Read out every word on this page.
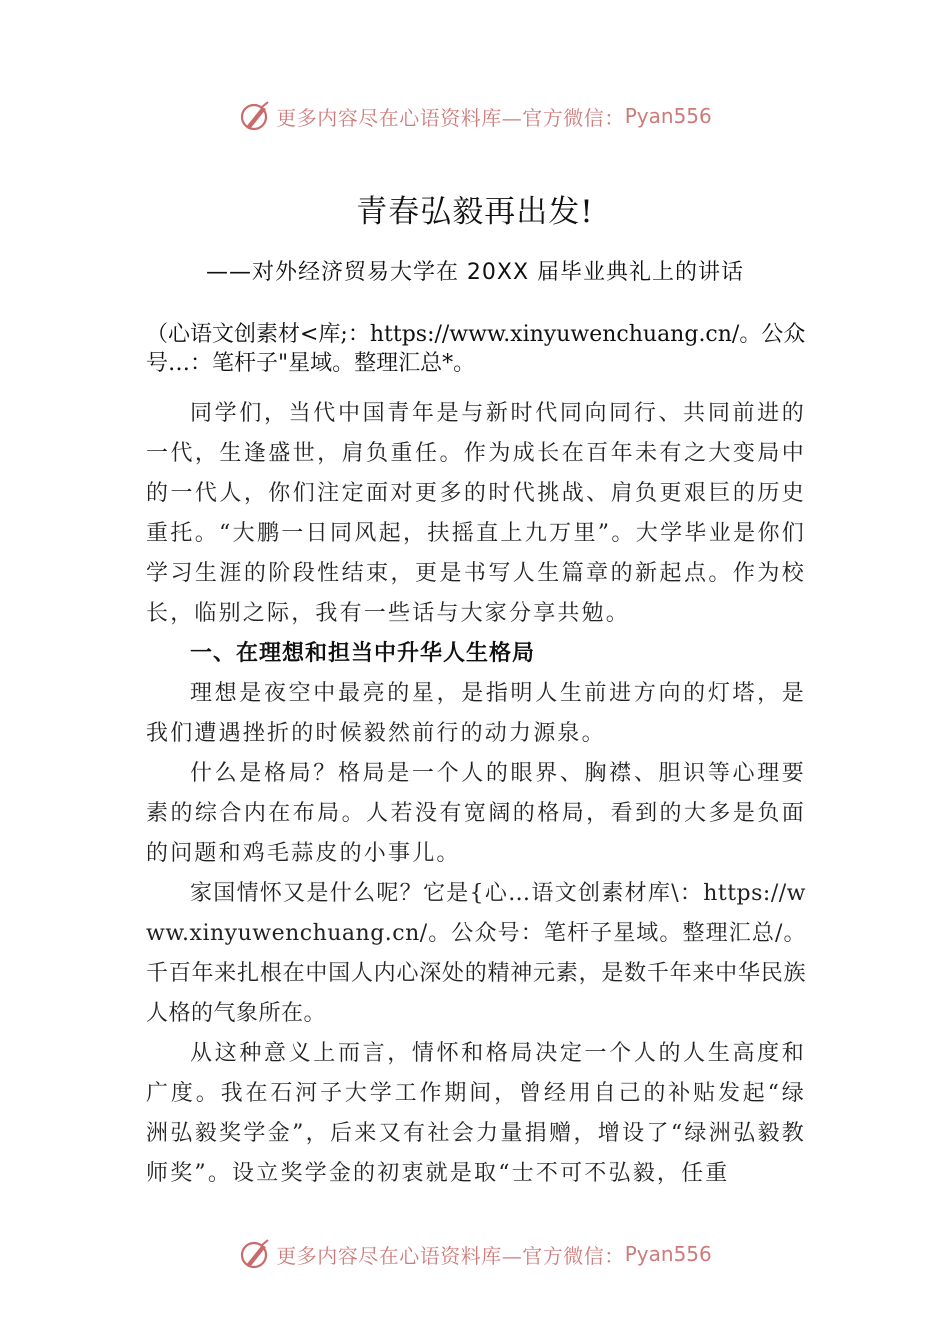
更多内容尽在心语资料库—官方微信： Pyan556
青春弘毅再出发!
——对外经济贸易大学在 20XX 届毕业典礼上的讲话

（心语文创素材<库;：https://www.xinyuwenchuang.cn/。公众号…：笔杆子"星域。整理汇总*。

同学们，当代中国青年是与新时代同向同行、共同前进的一代，生逢盛世，肩负重任。作为成长在百年未有之大变局中的一代人，你们注定面对更多的时代挑战、肩负更艰巨的历史重托。“大鹏一日同风起，扶摇直上九万里”。大学毕业是你们学习生涯的阶段性结束，更是书写人生篇章的新起点。作为校长，临别之际，我有一些话与大家分享共勉。

一、在理想和担当中升华人生格局

理想是夜空中最亮的星，是指明人生前进方向的灯塔，是我们遭遇挫折的时候毅然前行的动力源泉。

什么是格局？格局是一个人的眼界、胸襟、胆识等心理要素的综合内在布局。人若没有宽阔的格局，看到的大多是负面的问题和鸡毛蒜皮的小事儿。

家国情怀又是什么呢？它是{心…语文创素材库\：https://www.xinyuwenchuang.cn/。公众号：笔杆子星域。整理汇总/。千百年来扎根在中国人内心深处的精神元素，是数千年来中华民族人格的气象所在。

从这种意义上而言，情怀和格局决定一个人的人生高度和广度。我在石河子大学工作期间，曾经用自己的补贴发起“绿洲弘毅奖学金”，后来又有社会力量捐赠，增设了“绿洲弘毅教师奖”。设立奖学金的初衷就是取“士不可不弘毅，任重

更多内容尽在心语资料库—官方微信： Pyan556
